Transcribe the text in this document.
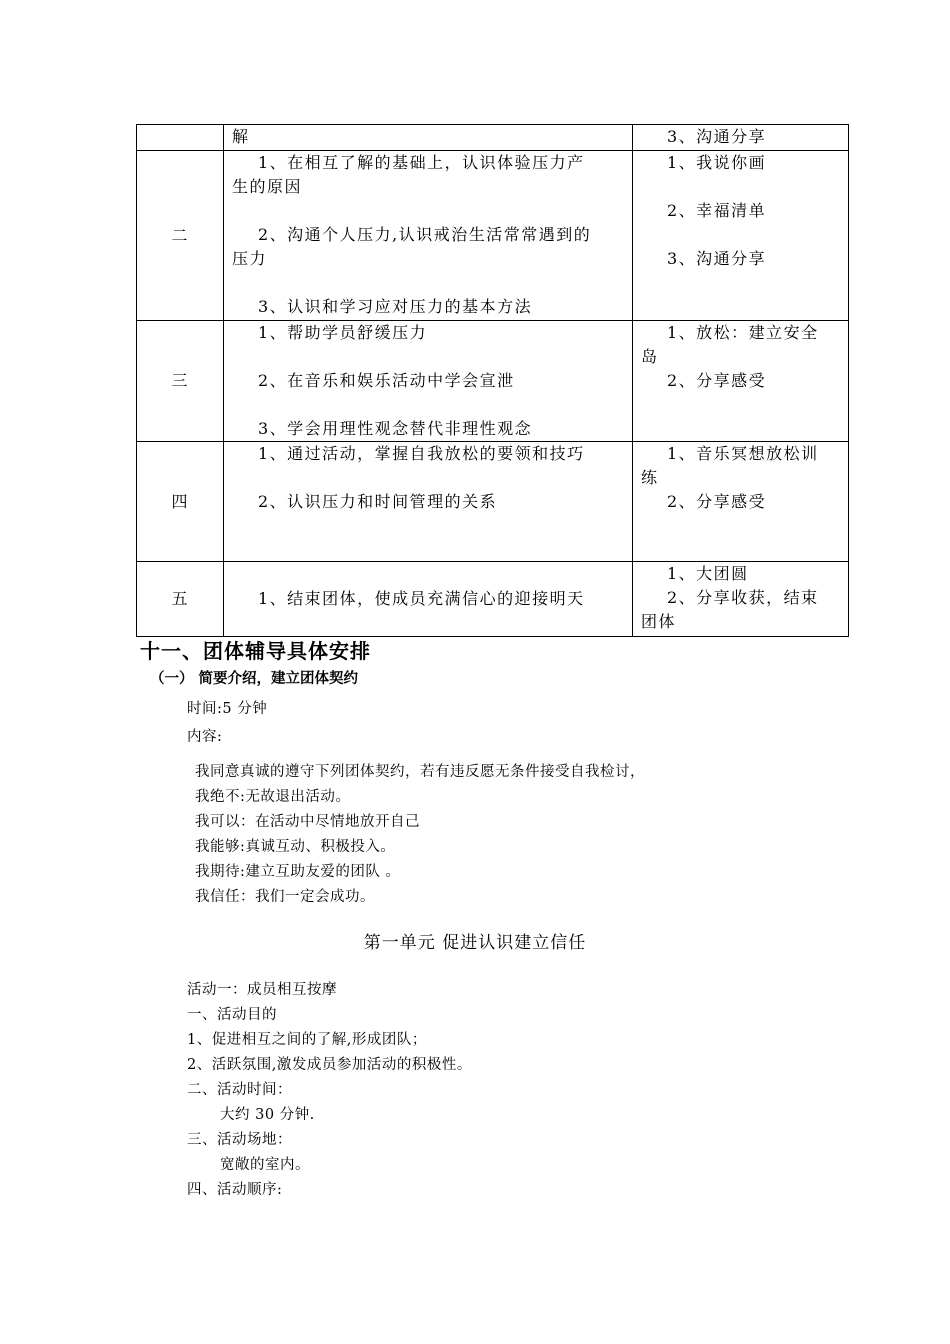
	解	3、沟通分享

二	1、在相互了解的基础上，认识体验压力产
生的原因
2、沟通个人压力,认识戒治生活常常遇到的
压力
3、认识和学习应对压力的基本方法	1、我说你画
2、幸福清单
3、沟通分享

三	1、帮助学员舒缓压力
2、在音乐和娱乐活动中学会宣泄
3、学会用理性观念替代非理性观念	1、放松：建立安全
岛
2、分享感受

四	1、通过活动，掌握自我放松的要领和技巧
2、认识压力和时间管理的关系	1、音乐冥想放松训
练
2、分享感受

五	1、结束团体，使成员充满信心的迎接明天	1、大团圆
2、分享收获，结束
团体
十一、团体辅导具体安排
（一） 简要介绍，建立团体契约
时间:5 分钟
内容:
我同意真诚的遵守下列团体契约，若有违反愿无条件接受自我检讨，
我绝不:无故退出活动。
我可以：在活动中尽情地放开自己
我能够:真诚互动、积极投入。
我期待:建立互助友爱的团队 。
我信任：我们一定会成功。
第一单元 促进认识建立信任
活动一：成员相互按摩
一、活动目的
1、促进相互之间的了解,形成团队；
2、活跃氛围,激发成员参加活动的积极性。
二、活动时间：
大约 30 分钟.
三、活动场地：
宽敞的室内。
四、活动顺序:
